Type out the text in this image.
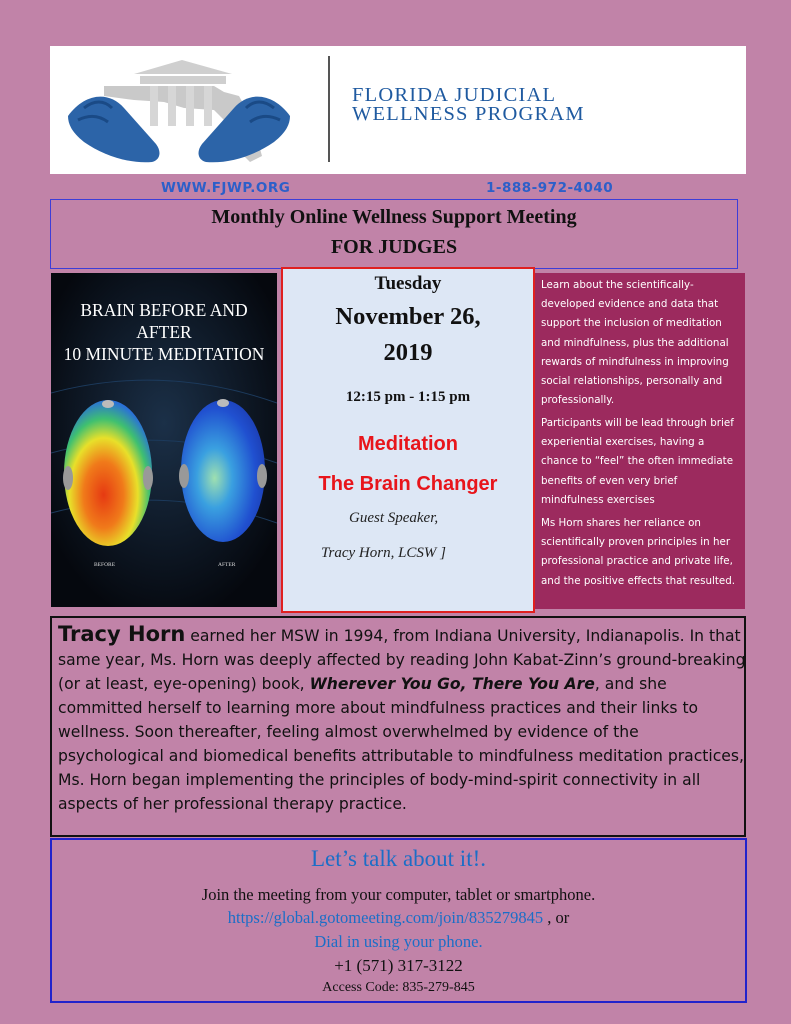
FLORIDA JUDICIAL
WELLNESS PROGRAM
WWW.FJWP.ORG	1-888-972-4040
Monthly Online Wellness Support Meeting
FOR JUDGES
BRAIN BEFORE AND AFTER
10 MINUTE MEDITATION
BEFORE	AFTER
Tuesday
November 26,
2019
12:15 pm - 1:15 pm
Meditation
The Brain Changer
Guest Speaker,
Tracy Horn, LCSW ]
Learn about the scientifically-developed evidence and data that support the inclusion of meditation and mindfulness, plus the additional rewards of mindfulness in improving social relationships, personally and professionally.
Participants will be lead through brief experiential exercises, having a chance to “feel” the often immediate benefits of even very brief mindfulness exercises
Ms Horn shares her reliance on scientifically proven principles in her professional practice and private life, and the positive effects that resulted.
Tracy Horn earned her MSW in 1994, from Indiana University, Indianapolis. In that same year, Ms. Horn was deeply affected by reading John Kabat-Zinn’s ground-breaking (or at least, eye-opening) book, Wherever You Go, There You Are, and she committed herself to learning more about mindfulness practices and their links to wellness. Soon thereafter, feeling almost overwhelmed by evidence of the psychological and biomedical benefits attributable to mindfulness meditation practices, Ms. Horn began implementing the principles of body-mind-spirit connectivity in all aspects of her professional therapy practice.
Let’s talk about it!.
Join the meeting from your computer, tablet or smartphone.
https://global.gotomeeting.com/join/835279845 , or
Dial in using your phone.
+1 (571) 317-3122
Access Code: 835-279-845
